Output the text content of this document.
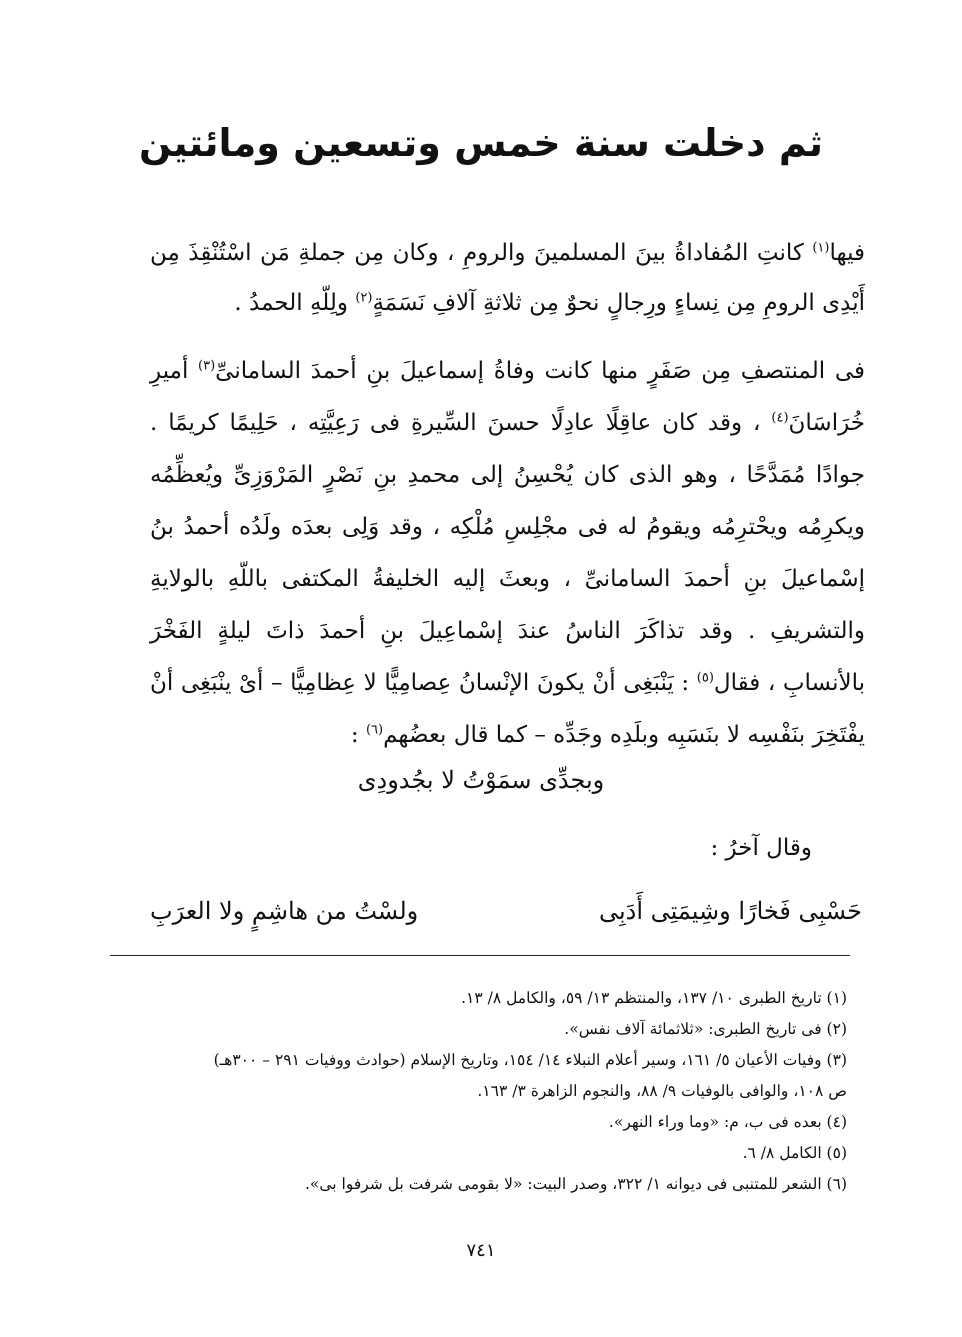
ثم دخلت سنة خمس وتسعين ومائتين

فيها$^{(١)}$ كانتِ المُفاداةُ بينَ المسلمينَ والرومِ ، وكان مِن جملةِ مَن اسْتُنْقِذَ مِن أَيْدِى الرومِ مِن نِساءٍ ورِجالٍ نحوٌ مِن ثلاثةِ آلافِ نَسَمَةٍ$^{(٢)}$ ولِلّهِ الحمدُ .

فى المنتصفِ مِن صَفَرٍ منها كانت وفاةُ إسماعيلَ بنِ أحمدَ السامانىِّ$^{(٣)}$ أميرِ خُرَاسَانَ$^{(٤)}$ ، وقد كان عاقِلًا عادِلًا حسنَ السِّيرةِ فى رَعِيَّتِه ، حَلِيمًا كريمًا . جوادًا مُمَدَّحًا ، وهو الذى كان يُحْسِنُ إلى محمدِ بنِ نَصْرٍ المَرْوَزِىِّ ويُعظِّمُه ويكرِمُه ويحْترِمُه ويقومُ له فى مجْلِسِ مُلْكِه ، وقد وَلِى بعدَه ولَدُه أحمدُ بنُ إسْماعيلَ بنِ أحمدَ السامانىِّ ، وبعثَ إليه الخليفةُ المكتفى باللّهِ بالولايةِ والتشريفِ . وقد تذاكَرَ الناسُ عندَ إسْماعِيلَ بنِ أحمدَ ذاتَ ليلةٍ الفَخْرَ بالأنسابِ ، فقال$^{(٥)}$ : يَنْبَغِى أنْ يكونَ الإنْسانُ عِصامِيًّا لا عِظامِيًّا – أىْ ينْبَغِى أنْ يفْتَخِرَ بنَفْسِه لا بنَسَبِه وبلَدِه وجَدِّه – كما قال بعضُهم$^{(٦)}$ :

وبجدِّى سمَوْتُ لا بجُدودِى
وقال آخرُ :
حَسْبِى فَخارًا وشِيمَتِى أَدَبِى
ولسْتُ من هاشِمٍ ولا العرَبِ
(١) تاريخ الطبرى ١٠/ ١٣٧، والمنتظم ١٣/ ٥٩، والكامل ٨/ ١٣.
(٢) فى تاريخ الطبرى: «ثلاثمائة آلاف نفس».
(٣) وفيات الأعيان ٥/ ١٦١، وسير أعلام النبلاء ١٤/ ١٥٤، وتاريخ الإسلام (حوادث ووفيات ٢٩١ – ٣٠٠هـ)
ص ١٠٨، والوافى بالوفيات ٩/ ٨٨، والنجوم الزاهرة ٣/ ١٦٣.
(٤) بعده فى ب، م: «وما وراء النهر».
(٥) الكامل ٨/ ٦.
(٦) الشعر للمتنبى فى ديوانه ١/ ٣٢٢، وصدر البيت: «لا بقومى شرفت بل شرفوا بى».
٧٤١
